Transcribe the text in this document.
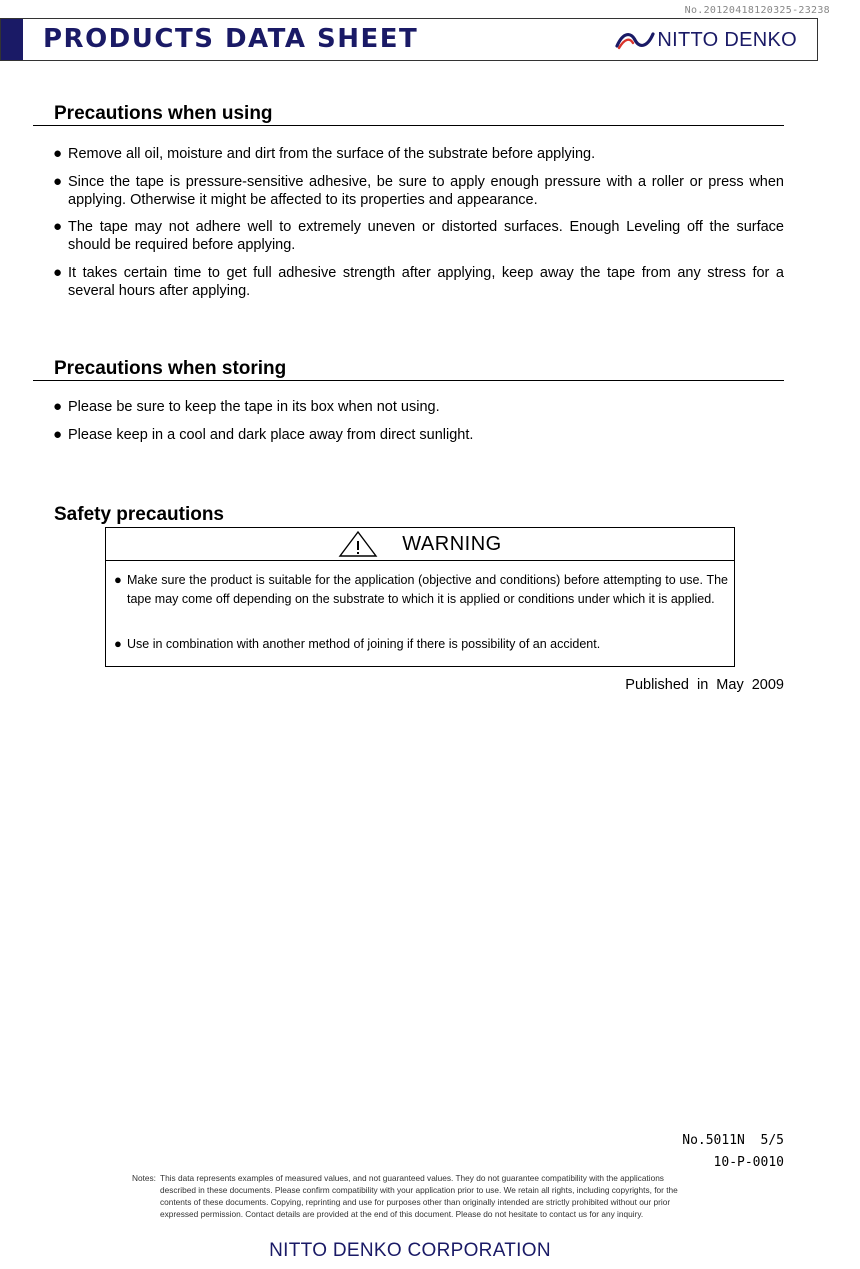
No.20120418120325-23238
PRODUCTS DATA SHEET	NITTO DENKO
Precautions when using
● Remove all oil, moisture and dirt from the surface of the substrate before applying.
● Since the tape is pressure-sensitive adhesive, be sure to apply enough pressure with a roller or press when applying. Otherwise it might be affected to its properties and appearance.
● The tape may not adhere well to extremely uneven or distorted surfaces. Enough Leveling off the surface should be required before applying.
● It takes certain time to get full adhesive strength after applying, keep away the tape from any stress for a several hours after applying.
Precautions when storing
● Please be sure to keep the tape in its box when not using.
● Please keep in a cool and dark place away from direct sunlight.
Safety precautions
WARNING
● Make sure the product is suitable for the application (objective and conditions) before attempting to use. The tape may come off depending on the substrate to which it is applied or conditions under which it is applied.
● Use in combination with another method of joining if there is possibility of an accident.
Published in May 2009
No.5011N  5/5
10-P-0010
Notes: This data represents examples of measured values, and not guaranteed values. They do not guarantee compatibility with the applications described in these documents. Please confirm compatibility with your application prior to use. We retain all rights, including copyrights, for the contents of these documents. Copying, reprinting and use for purposes other than originally intended are strictly prohibited without our prior expressed permission. Contact details are provided at the end of this document. Please do not hesitate to contact us for any inquiry.
NITTO DENKO CORPORATION
